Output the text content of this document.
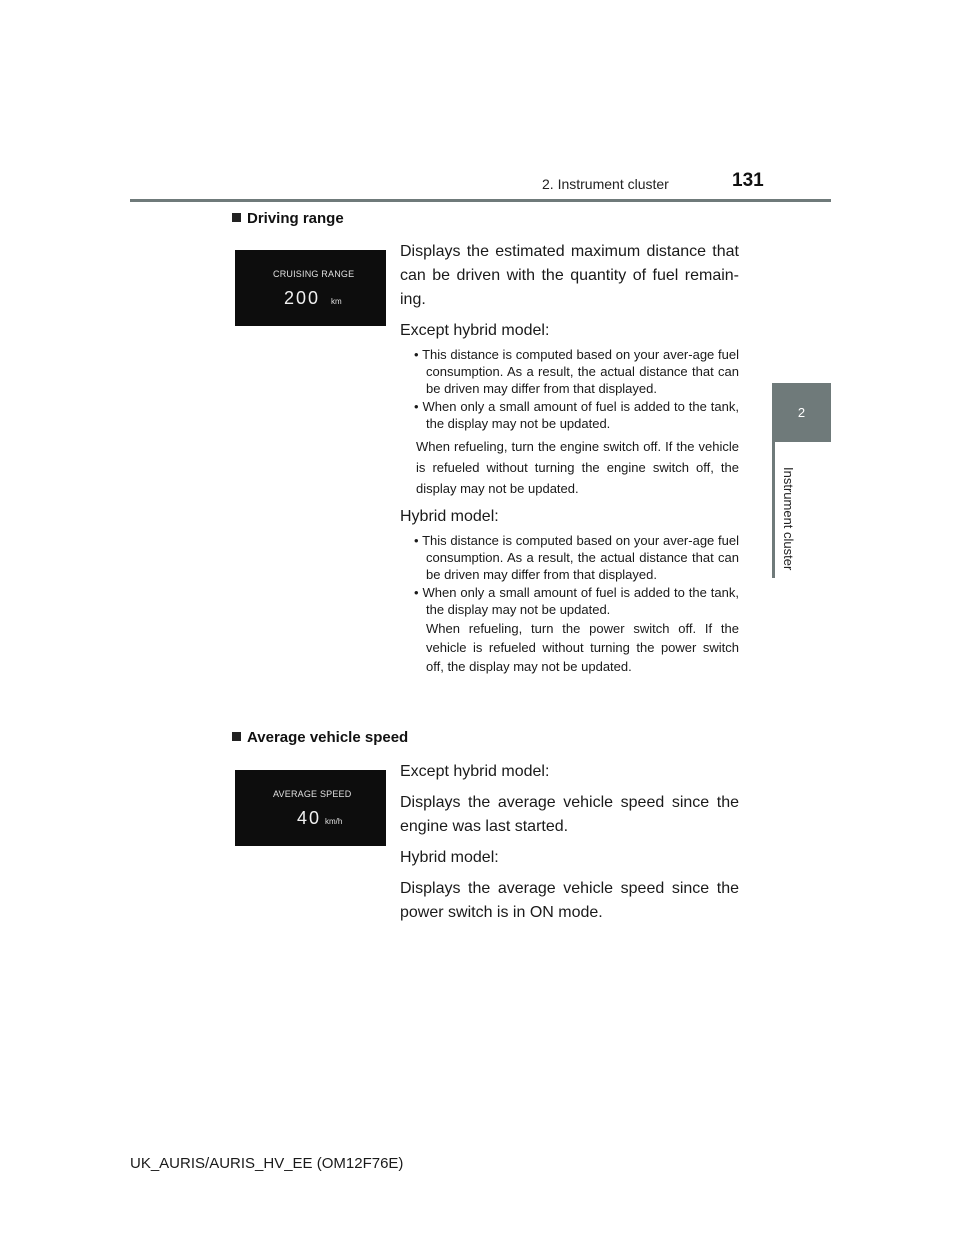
2. Instrument cluster	131
2
Instrument cluster
Driving range
CRUISING RANGE
200 km

Displays the estimated maximum distance that can be driven with the quantity of fuel remain-ing.

Except hybrid model:

• This distance is computed based on your aver-age fuel consumption. As a result, the actual distance that can be driven may differ from that displayed.
• When only a small amount of fuel is added to the tank, the display may not be updated.

When refueling, turn the engine switch off. If the vehicle is refueled without turning the engine switch off, the display may not be updated.

Hybrid model:

• This distance is computed based on your aver-age fuel consumption. As a result, the actual distance that can be driven may differ from that displayed.
• When only a small amount of fuel is added to the tank, the display may not be updated.

When refueling, turn the power switch off. If the vehicle is refueled without turning the power switch off, the display may not be updated.

Average vehicle speed
AVERAGE SPEED
40 km/h

Except hybrid model:

Displays the average vehicle speed since the engine was last started.

Hybrid model:

Displays the average vehicle speed since the power switch is in ON mode.

UK_AURIS/AURIS_HV_EE (OM12F76E)
